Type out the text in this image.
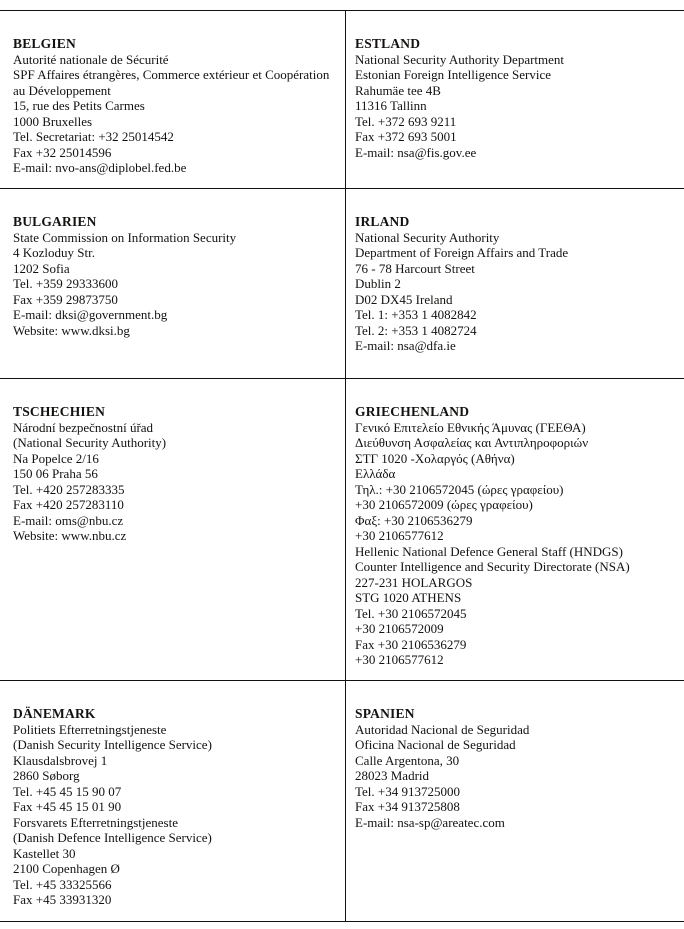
BELGIEN
Autorité nationale de Sécurité
SPF Affaires étrangères, Commerce extérieur et Coopération
au Développement
15, rue des Petits Carmes
1000 Bruxelles
Tel. Secretariat: +32 25014542
Fax +32 25014596
E-mail: nvo-ans@diplobel.fed.be
ESTLAND
National Security Authority Department
Estonian Foreign Intelligence Service
Rahumäe tee 4B
11316 Tallinn
Tel. +372 693 9211
Fax +372 693 5001
E-mail: nsa@fis.gov.ee
BULGARIEN
State Commission on Information Security
4 Kozloduy Str.
1202 Sofia
Tel. +359 29333600
Fax +359 29873750
E-mail: dksi@government.bg
Website: www.dksi.bg
IRLAND
National Security Authority
Department of Foreign Affairs and Trade
76 - 78 Harcourt Street
Dublin 2
D02 DX45 Ireland
Tel. 1: +353 1 4082842
Tel. 2: +353 1 4082724
E-mail: nsa@dfa.ie
TSCHECHIEN
Národní bezpečnostní úřad
(National Security Authority)
Na Popelce 2/16
150 06 Praha 56
Tel. +420 257283335
Fax +420 257283110
E-mail: oms@nbu.cz
Website: www.nbu.cz
GRIECHENLAND
Γενικό Επιτελείο Εθνικής Άμυνας (ΓΕΕΘΑ)
Διεύθυνση Ασφαλείας και Αντιπληροφοριών
ΣΤΓ 1020 -Χολαργός (Αθήνα)
Ελλάδα
Τηλ.: +30 2106572045 (ώρες γραφείου)
+30 2106572009 (ώρες γραφείου)
Φαξ: +30 2106536279
+30 2106577612
Hellenic National Defence General Staff (HNDGS)
Counter Intelligence and Security Directorate (NSA)
227-231 HOLARGOS
STG 1020 ATHENS
Tel. +30 2106572045
+30 2106572009
Fax +30 2106536279
+30 2106577612
DÄNEMARK
Politiets Efterretningstjeneste
(Danish Security Intelligence Service)
Klausdalsbrovej 1
2860 Søborg
Tel. +45 45 15 90 07
Fax +45 45 15 01 90
Forsvarets Efterretningstjeneste
(Danish Defence Intelligence Service)
Kastellet 30
2100 Copenhagen Ø
Tel. +45 33325566
Fax +45 33931320
SPANIEN
Autoridad Nacional de Seguridad
Oficina Nacional de Seguridad
Calle Argentona, 30
28023 Madrid
Tel. +34 913725000
Fax +34 913725808
E-mail: nsa-sp@areatec.com
